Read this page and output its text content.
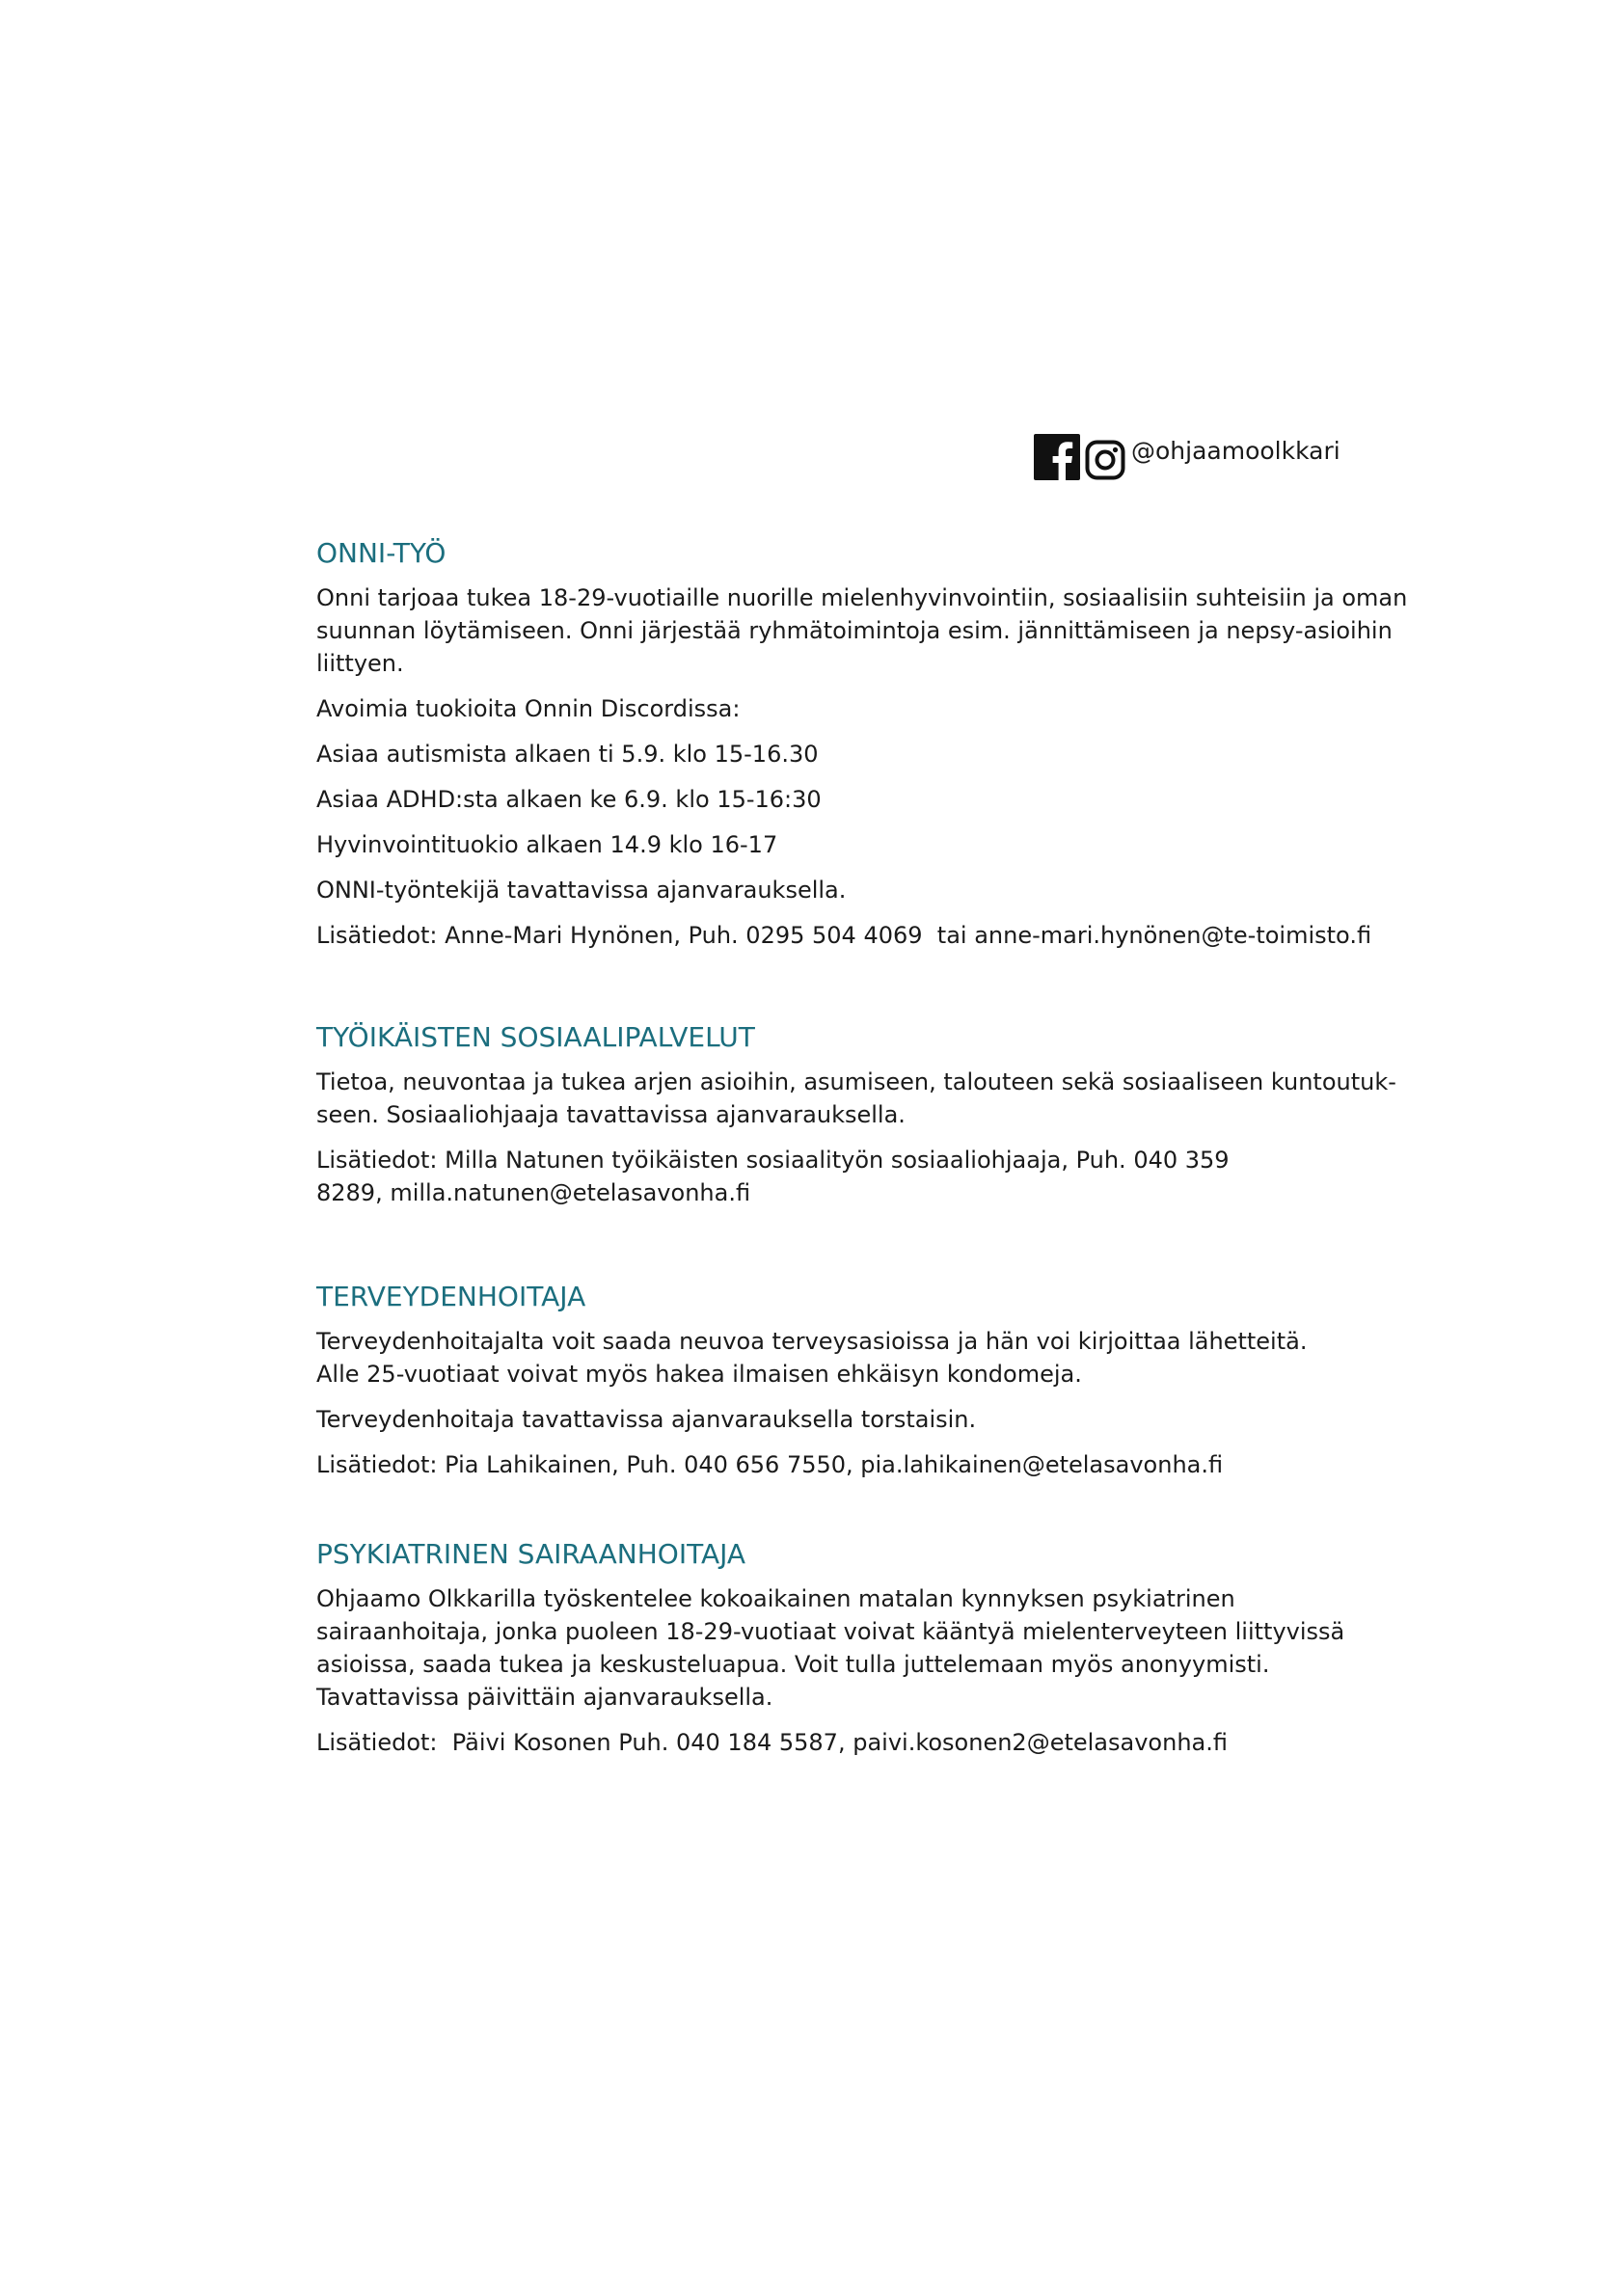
@ohjaamoolkkari
ONNI-TYÖ
Onni tarjoaa tukea 18-29-vuotiaille nuorille mielenhyvinvointiin, sosiaalisiin suhteisiin ja oman
suunnan löytämiseen. Onni järjestää ryhmätoimintoja esim. jännittämiseen ja nepsy-asioihin
liittyen.
Avoimia tuokioita Onnin Discordissa:
Asiaa autismista alkaen ti 5.9. klo 15-16.30
Asiaa ADHD:sta alkaen ke 6.9. klo 15-16:30
Hyvinvointituokio alkaen 14.9 klo 16-17
ONNI-työntekijä tavattavissa ajanvarauksella.
Lisätiedot: Anne-Mari Hynönen, Puh. 0295 504 4069  tai anne-mari.hynönen@te-toimisto.fi
TYÖIKÄISTEN SOSIAALIPALVELUT
Tietoa, neuvontaa ja tukea arjen asioihin, asumiseen, talouteen sekä sosiaaliseen kuntoutuk-
seen. Sosiaaliohjaaja tavattavissa ajanvarauksella.
Lisätiedot: Milla Natunen työikäisten sosiaalityön sosiaaliohjaaja, Puh. 040 359
8289, milla.natunen@etelasavonha.fi
TERVEYDENHOITAJA
Terveydenhoitajalta voit saada neuvoa terveysasioissa ja hän voi kirjoittaa lähetteitä.
Alle 25-vuotiaat voivat myös hakea ilmaisen ehkäisyn kondomeja.
Terveydenhoitaja tavattavissa ajanvarauksella torstaisin.
Lisätiedot: Pia Lahikainen, Puh. 040 656 7550, pia.lahikainen@etelasavonha.fi
PSYKIATRINEN SAIRAANHOITAJA
Ohjaamo Olkkarilla työskentelee kokoaikainen matalan kynnyksen psykiatrinen
sairaanhoitaja, jonka puoleen 18-29-vuotiaat voivat kääntyä mielenterveyteen liittyvissä
asioissa, saada tukea ja keskusteluapua. Voit tulla juttelemaan myös anonyymisti.
Tavattavissa päivittäin ajanvarauksella.
Lisätiedot:  Päivi Kosonen Puh. 040 184 5587, paivi.kosonen2@etelasavonha.fi
